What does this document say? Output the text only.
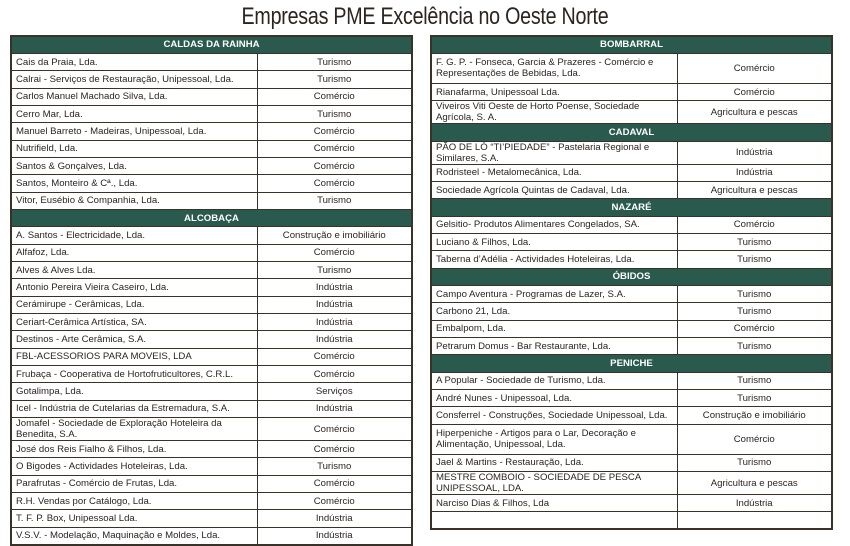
Empresas PME Excelência no Oeste Norte
CALDAS DA RAINHA	
Cais da Praia, Lda.	Turismo
Calrai - Serviços de Restauração, Unipessoal, Lda.	Turismo
Carlos Manuel Machado Silva, Lda.	Comércio
Cerro Mar, Lda.	Turismo
Manuel Barreto - Madeiras, Unipessoal, Lda.	Comércio
Nutrifield, Lda.	Comércio
Santos & Gonçalves, Lda.	Comércio
Santos, Monteiro & Cª., Lda.	Comércio
Vitor, Eusébio & Companhia, Lda.	Turismo
ALCOBAÇA	
A. Santos - Electricidade, Lda.	Construção e imobiliário
Alfafoz, Lda.	Comércio
Alves & Alves Lda.	Turismo
Antonio Pereira Vieira Caseiro, Lda.	Indústria
Cerámirupe - Cerâmicas, Lda.	Indústria
Ceriart-Cerâmica Artística, SA.	Indústria
Destinos - Arte Cerâmica, S.A.	Indústria
FBL-ACESSORIOS PARA MOVEIS, LDA	Comércio
Frubaça - Cooperativa de Hortofruticultores, C.R.L.	Comércio
Gotalimpa, Lda.	Serviços
Icel - Indústria de Cutelarias da Estremadura, S.A.	Indústria
Jomafel - Sociedade de Exploração Hoteleira da Benedita, S.A.	Comércio
José dos Reis Fialho & Filhos, Lda.	Comércio
O Bigodes - Actividades Hoteleiras, Lda.	Turismo
Parafrutas - Comércio de Frutas, Lda.	Comércio
R.H. Vendas por Catálogo, Lda.	Comércio
T. F. P. Box, Unipessoal Lda.	Indústria
V.S.V. - Modelação, Maquinação e Moldes, Lda.	Indústria
BOMBARRAL	
F. G. P. - Fonseca, Garcia & Prazeres - Comércio e Representações de Bebidas, Lda.	Comércio
Rianafarma, Unipessoal Lda.	Comércio
Viveiros Viti Oeste de Horto Poense, Sociedade Agrícola, S. A.	Agricultura e pescas
CADAVAL	
PÃO DE LÓ “TI’PIEDADE” - Pastelaria Regional e Similares, S.A.	Indústria
Rodristeel - Metalomecânica, Lda.	Indústria
Sociedade Agrícola Quintas de Cadaval, Lda.	Agricultura e pescas
NAZARÉ	
Gelsitio- Produtos Alimentares Congelados, SA.	Comércio
Luciano & Filhos, Lda.	Turismo
Taberna d’Adélia - Actividades Hoteleiras, Lda.	Turismo
ÓBIDOS	
Campo Aventura - Programas de Lazer, S.A.	Turismo
Carbono 21, Lda.	Turismo
Embalpom, Lda.	Comércio
Petrarum Domus - Bar Restaurante, Lda.	Turismo
PENICHE	
A Popular - Sociedade de Turismo, Lda.	Turismo
André Nunes - Unipessoal, Lda.	Turismo
Consferrel - Construções, Sociedade Unipessoal, Lda.	Construção e imobiliário
Hiperpeniche - Artigos para o Lar, Decoração e Alimentação, Unipessoal, Lda.	Comércio
Jael & Martins - Restauração, Lda.	Turismo
MESTRE COMBOIO - SOCIEDADE DE PESCA UNIPESSOAL, LDA.	Agricultura e pescas
Narciso Dias & Filhos, Lda	Indústria
